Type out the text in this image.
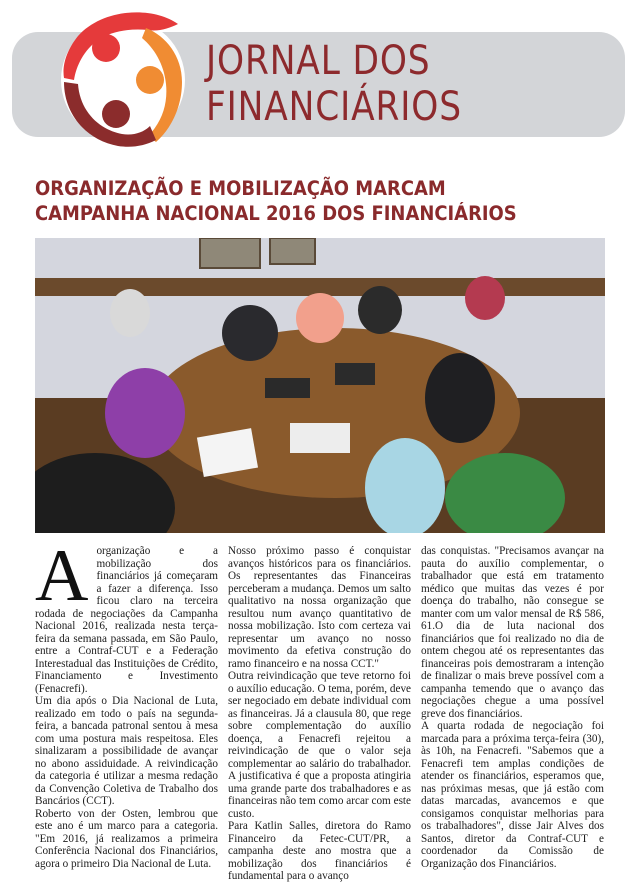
JORNAL DOS
FINANCIÁRIOS
ORGANIZAÇÃO E MOBILIZAÇÃO MARCAM
CAMPANHA NACIONAL 2016 DOS FINANCIÁRIOS

Aorganização e a mobilização dos financiários já começaram a fazer a diferença. Isso ficou claro na terceira rodada de negociações da Campanha Nacional 2016, realizada nesta terça-feira da semana passada, em São Paulo, entre a Contraf-CUT e a Federação Interestadual das Instituições de Crédito, Financiamento e Investimento (Fenacrefi).

Um dia após o Dia Nacional de Luta, realizado em todo o país na segunda-feira, a bancada patronal sentou à mesa com uma postura mais respeitosa. Eles sinalizaram a possibilidade de avançar no abono assiduidade. A reivindicação da categoria é utilizar a mesma redação da Convenção Coletiva de Trabalho dos Bancários (CCT).

Roberto von der Osten, lembrou que este ano é um marco para a categoria. "Em 2016, já realizamos a primeira Conferência Nacional dos Financiários, agora o primeiro Dia Nacional de Luta.

Nosso próximo passo é conquistar avanços históricos para os financiários. Os representantes das Financeiras perceberam a mudança. Demos um salto qualitativo na nossa organização que resultou num avanço quantitativo de nossa mobilização. Isto com certeza vai representar um avanço no nosso movimento da efetiva construção do ramo financeiro e na nossa CCT."

Outra reivindicação que teve retorno foi o auxílio educação. O tema, porém, deve ser negociado em debate individual com as financeiras. Já a clausula 80, que rege sobre complementação do auxílio doença, a Fenacrefi rejeitou a reivindicação de que o valor seja complementar ao salário do trabalhador. A justificativa é que a proposta atingiria uma grande parte dos trabalhadores e as financeiras não tem como arcar com este custo.

Para Katlin Salles, diretora do Ramo Financeiro da Fetec-CUT/PR, a campanha deste ano mostra que a mobilização dos financiários é fundamental para o avanço

das conquistas. "Precisamos avançar na pauta do auxílio complementar, o trabalhador que está em tratamento médico que muitas das vezes é por doença do trabalho, não consegue se manter com um valor mensal de R$ 586, 61.O dia de luta nacional dos financiários que foi realizado no dia de ontem chegou até os representantes das financeiras pois demostraram a intenção de finalizar o mais breve possível com a campanha temendo que o avanço das negociações chegue a uma possível greve dos financiários.

A quarta rodada de negociação foi marcada para a próxima terça-feira (30), às 10h, na Fenacrefi. "Sabemos que a Fenacrefi tem amplas condições de atender os financiários, esperamos que, nas próximas mesas, que já estão com datas marcadas, avancemos e que consigamos conquistar melhorias para os trabalhadores", disse Jair Alves dos Santos, diretor da Contraf-CUT e coordenador da Comissão de Organização dos Financiários.
